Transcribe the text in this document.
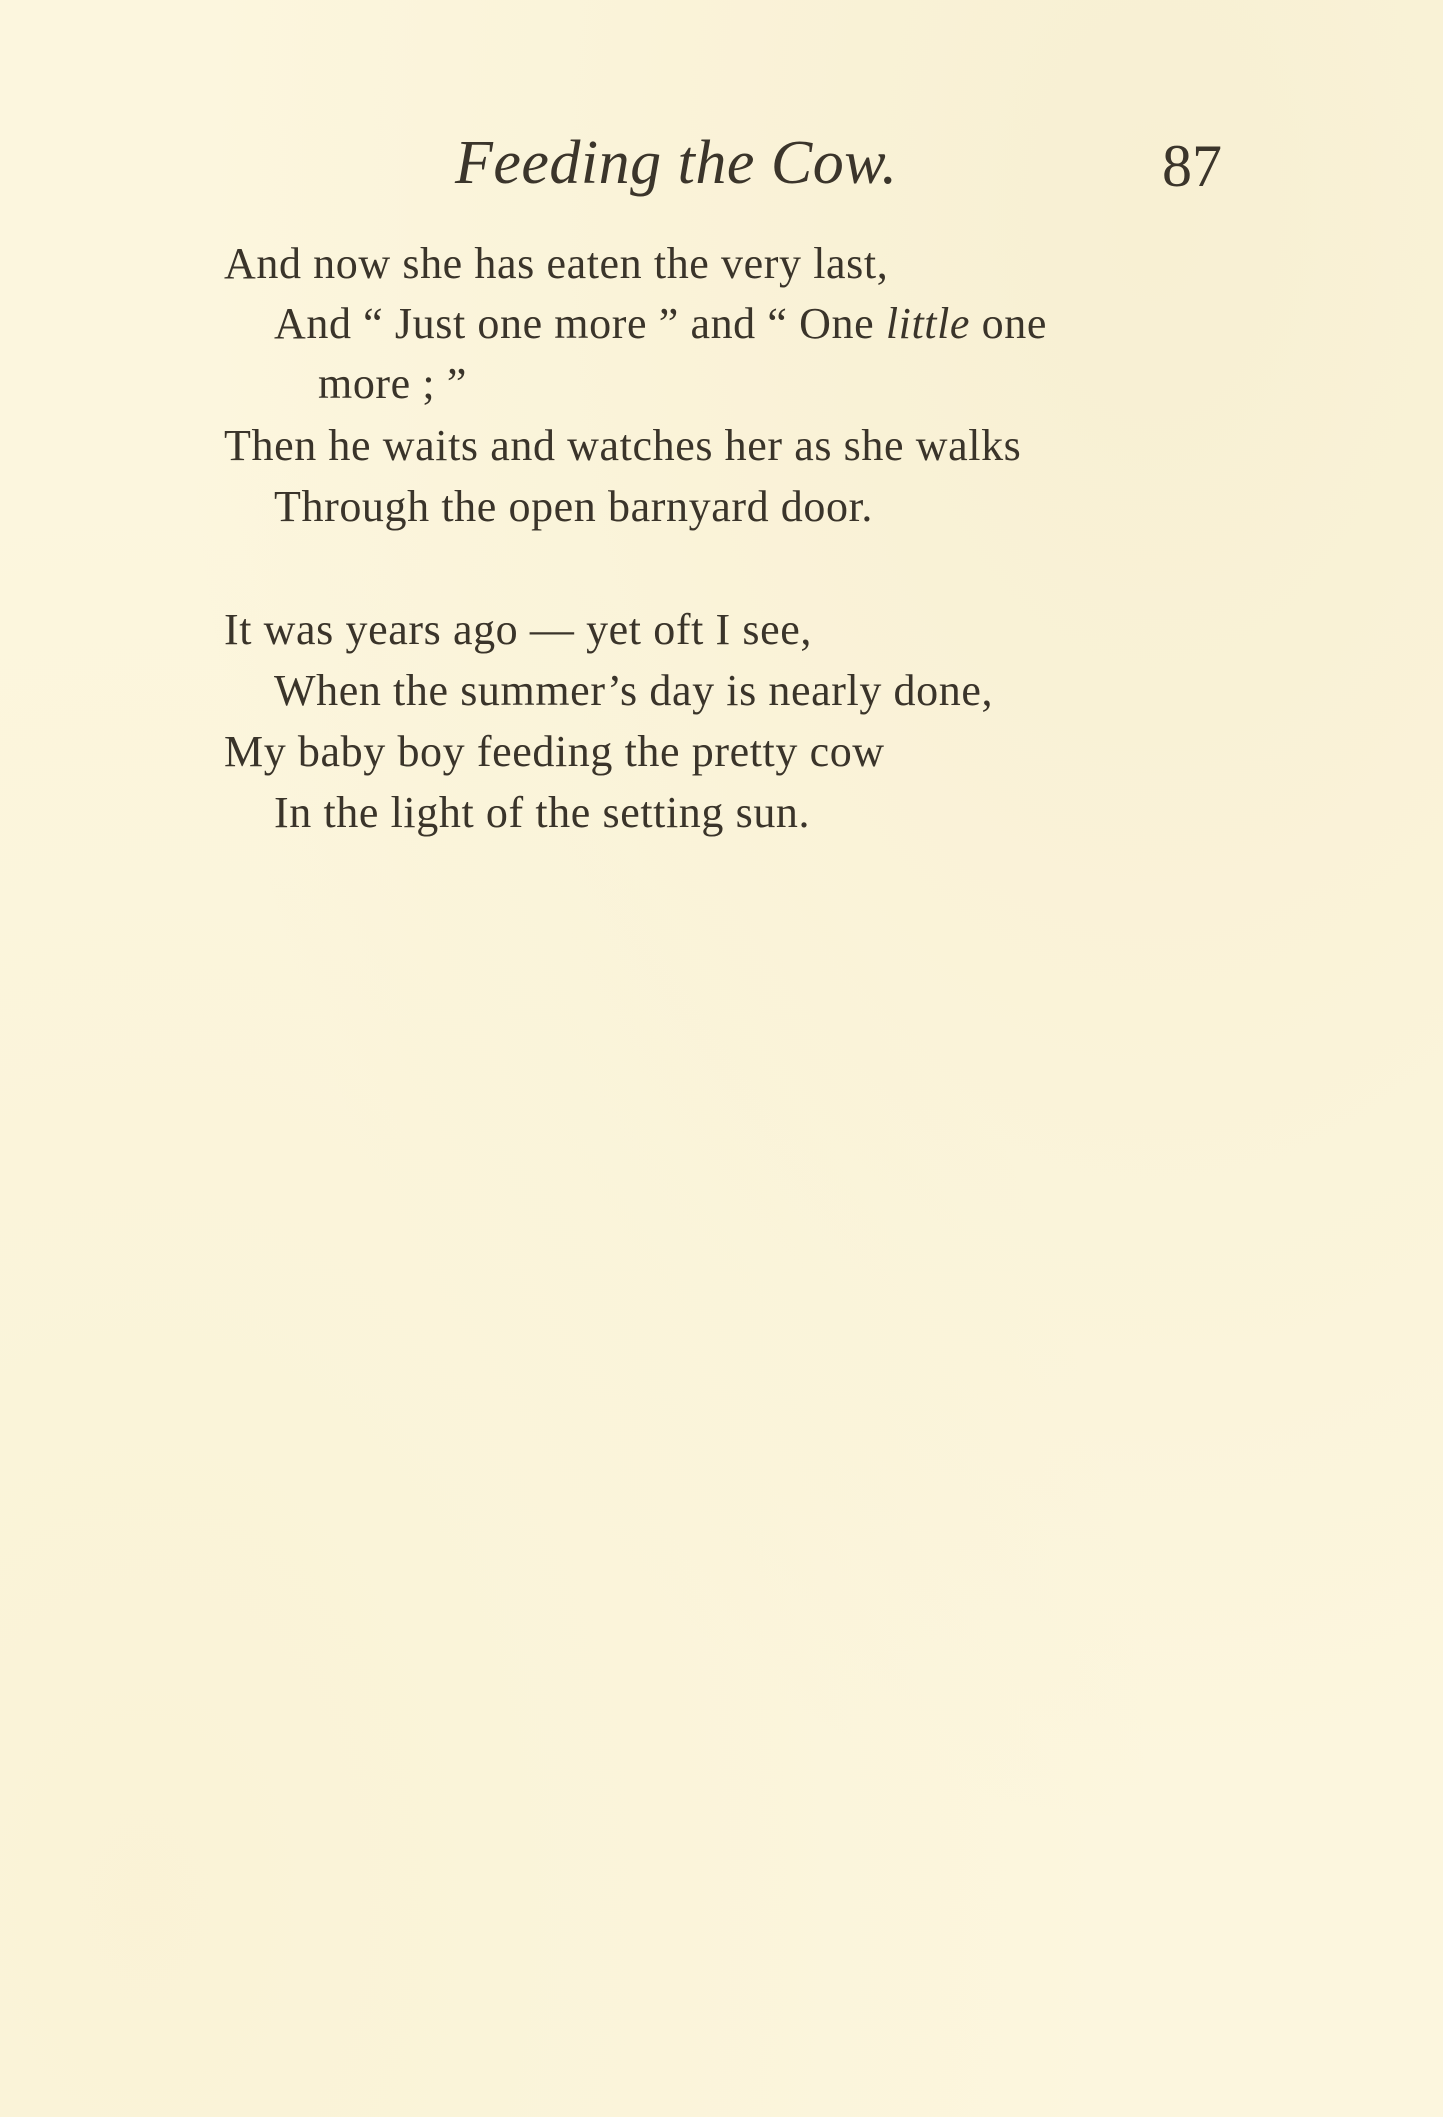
Feeding the Cow.	87
And now she has eaten the very last,
And “ Just one more ” and “ One little one
more ; ”
Then he waits and watches her as she walks
Through the open barnyard door.
It was years ago — yet oft I see,
When the summer’s day is nearly done,
My baby boy feeding the pretty cow
In the light of the setting sun.
